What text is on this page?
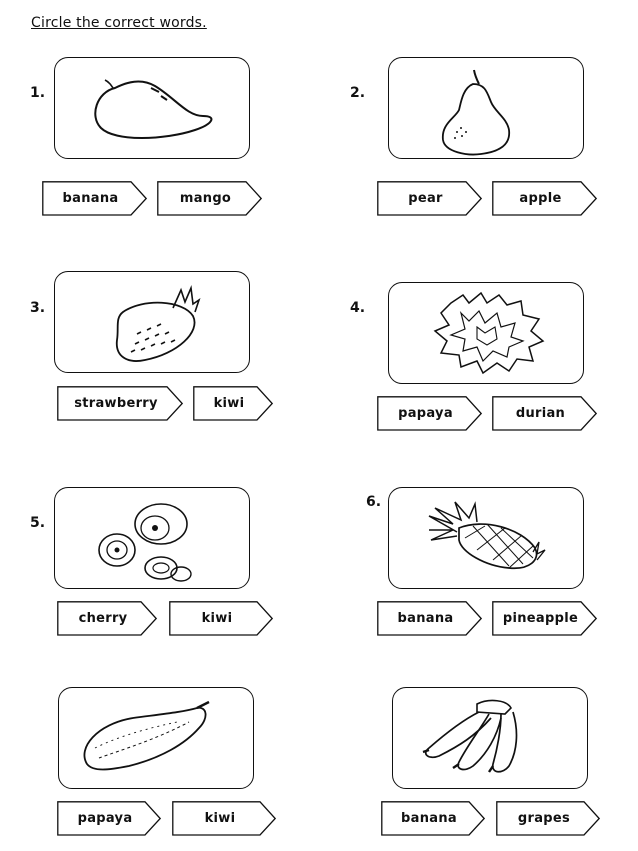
Circle the correct words.
1.	2.
3.	4.
5.
6.
banana	mango	pear	apple
strawberry	kiwi
papaya	durian
cherry	kiwi	banana	pineapple
papaya	kiwi	banana	grapes
